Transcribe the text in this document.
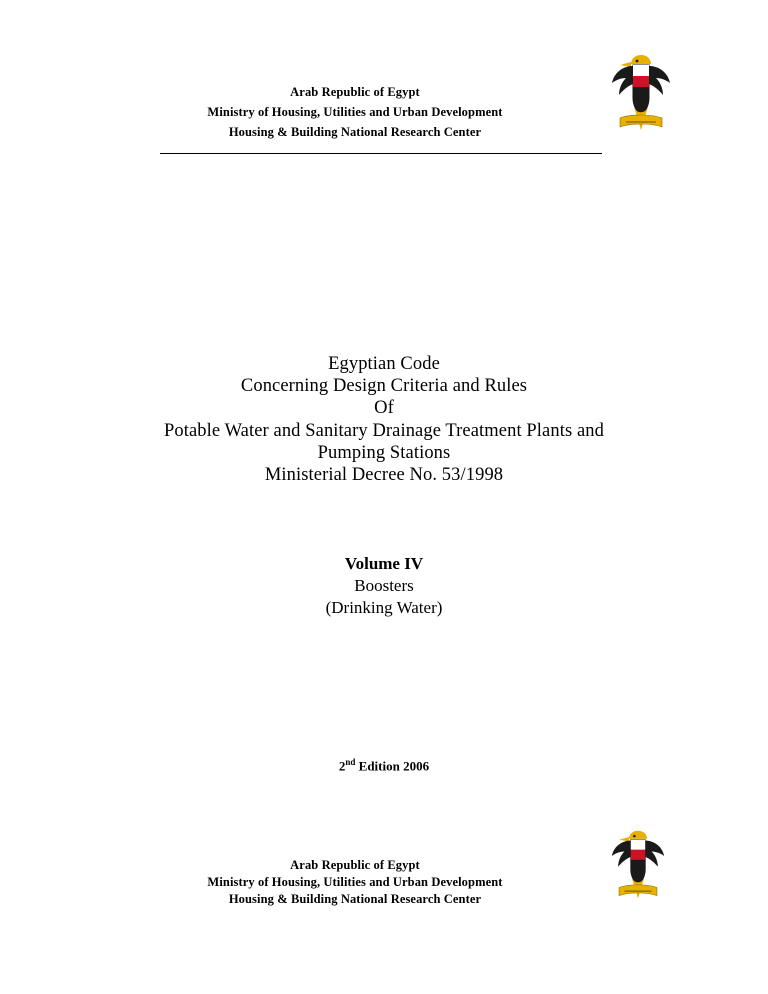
Arab Republic of Egypt
Ministry of Housing, Utilities and Urban Development
Housing & Building National Research Center
Egyptian Code
Concerning Design Criteria and Rules
Of
Potable Water and Sanitary Drainage Treatment Plants and
Pumping Stations
Ministerial Decree No. 53/1998
Volume IV
Boosters
(Drinking Water)
2nd Edition 2006
Arab Republic of Egypt
Ministry of Housing, Utilities and Urban Development
Housing & Building National Research Center
